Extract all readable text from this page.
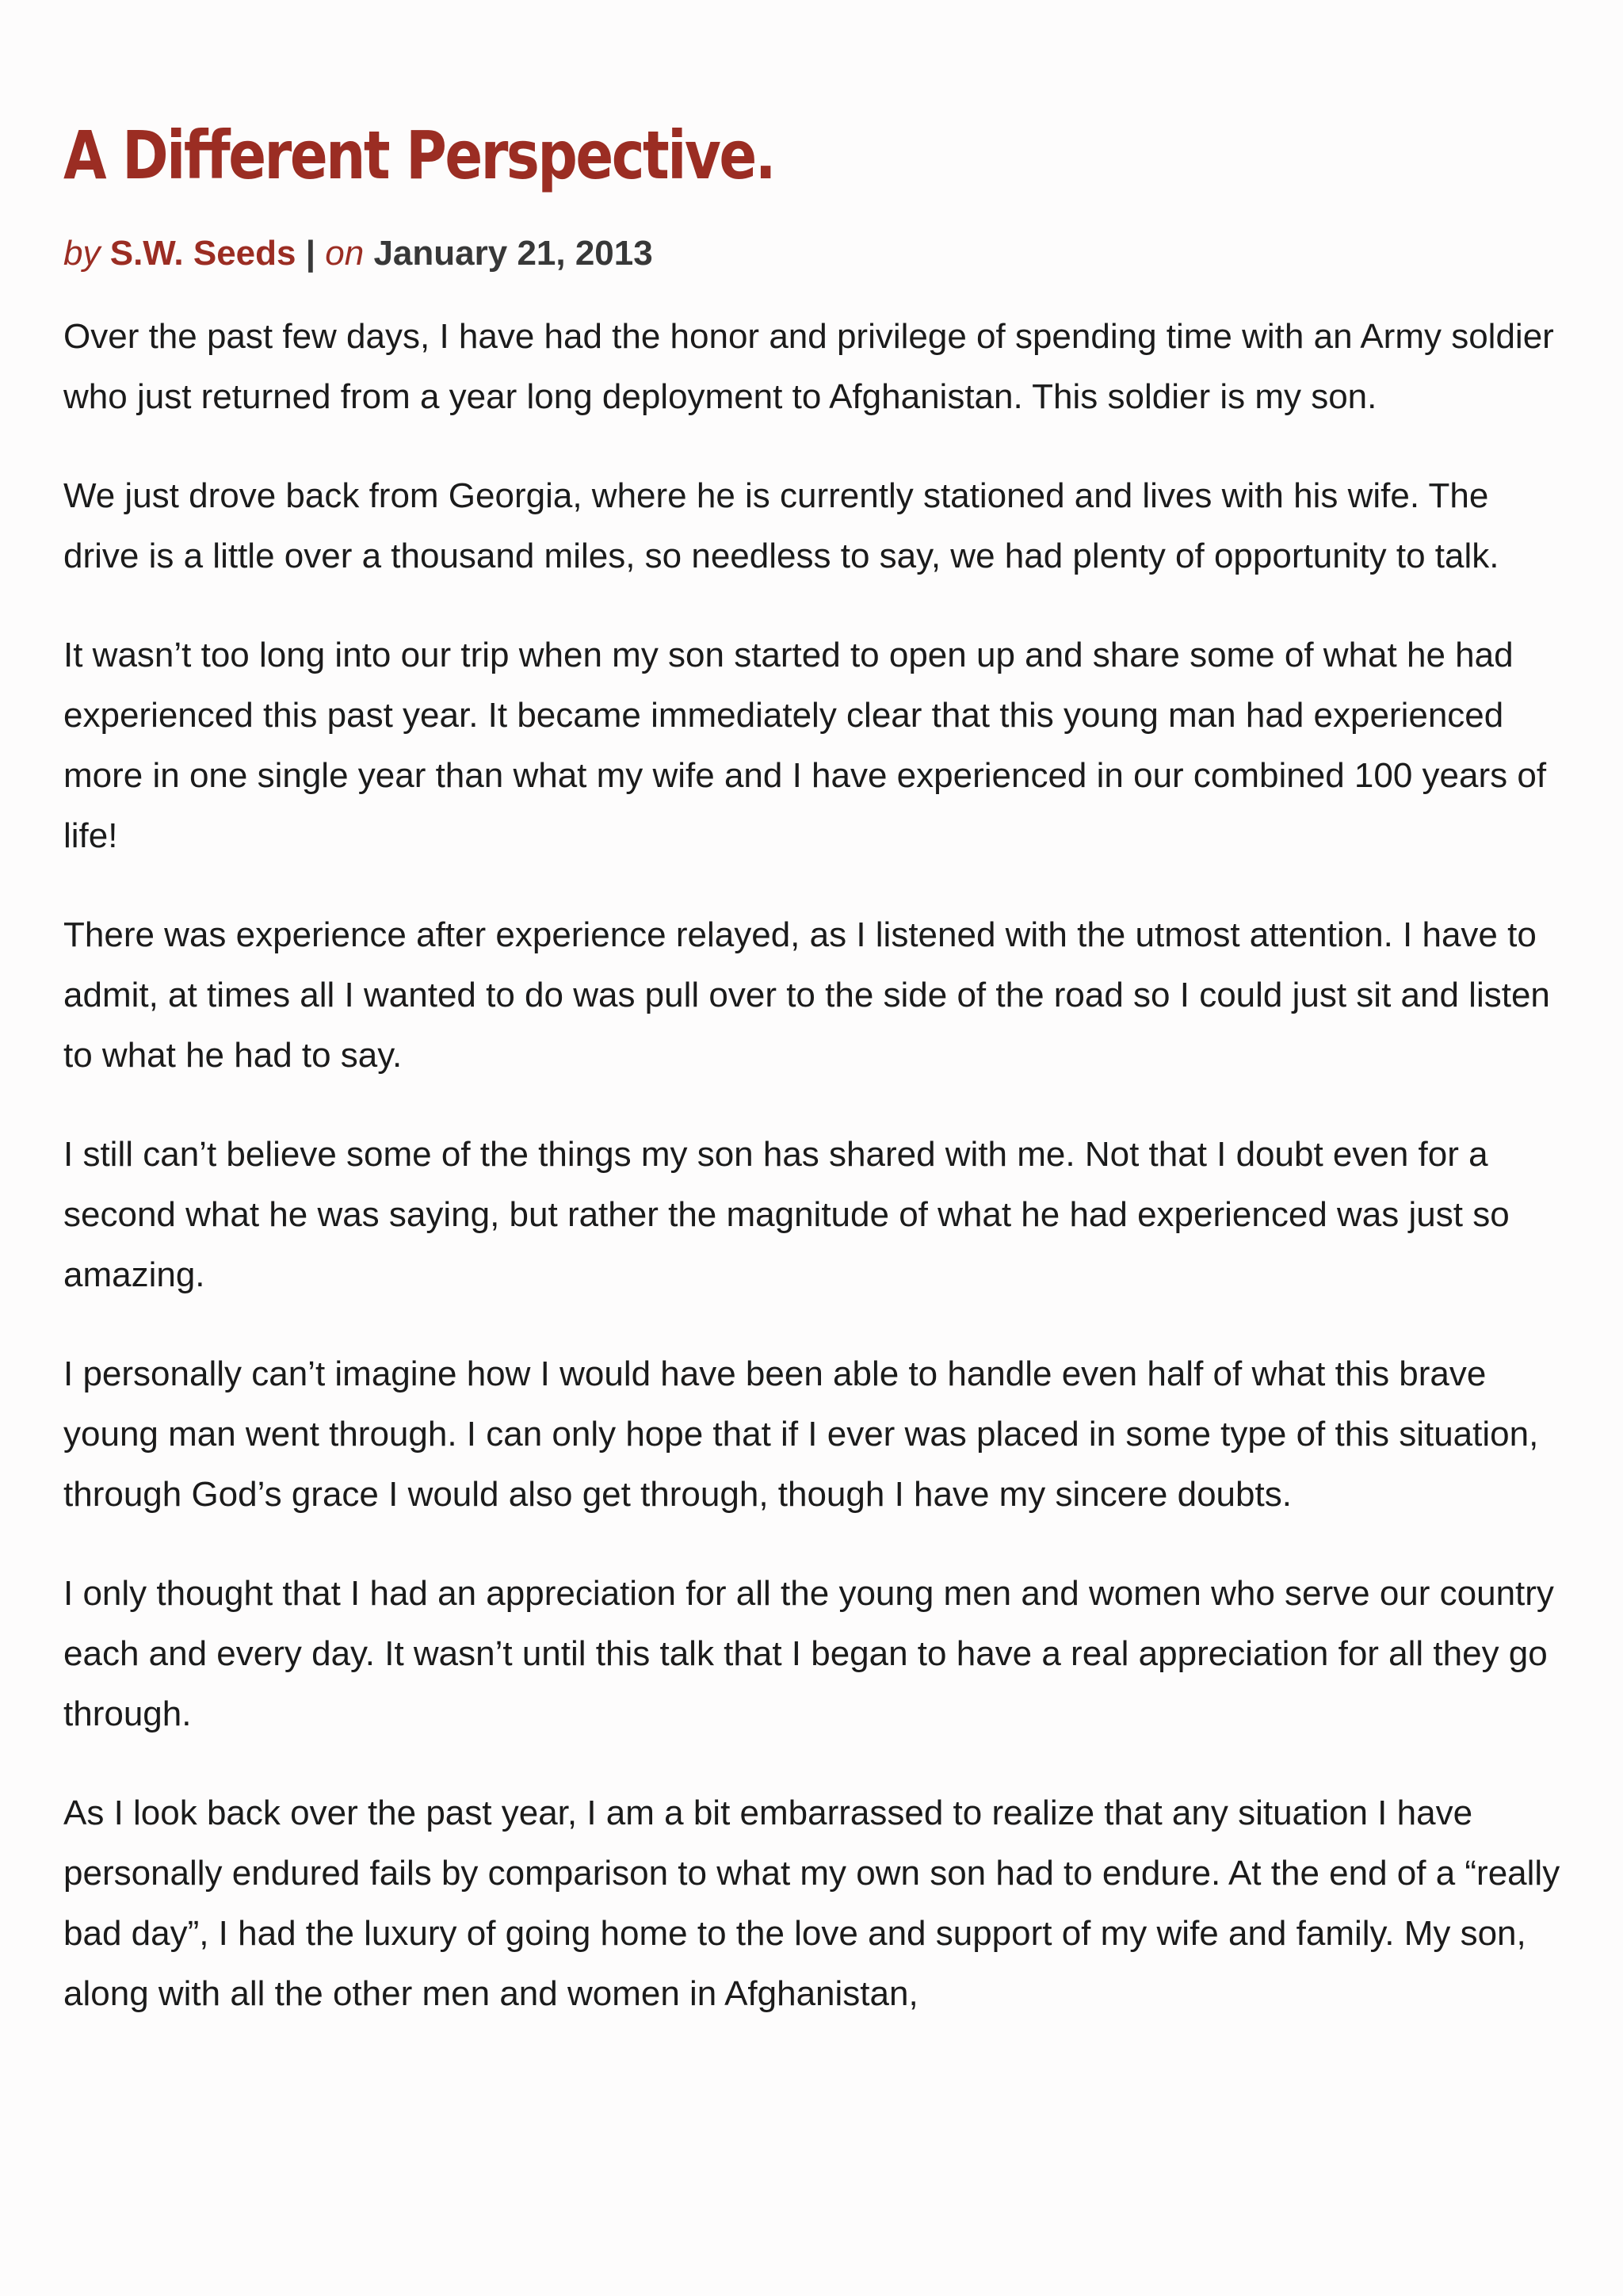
A Different Perspective.
by S.W. Seeds | on January 21, 2013

Over the past few days, I have had the honor and privilege of spending time with an Army soldier who just returned from a year long deployment to Afghanistan. This soldier is my son.

We just drove back from Georgia, where he is currently stationed and lives with his wife. The drive is a little over a thousand miles, so needless to say, we had plenty of opportunity to talk.

It wasn’t too long into our trip when my son started to open up and share some of what he had experienced this past year. It became immediately clear that this young man had experienced more in one single year than what my wife and I have experienced in our combined 100 years of life!

There was experience after experience relayed, as I listened with the utmost attention. I have to admit, at times all I wanted to do was pull over to the side of the road so I could just sit and listen to what he had to say.

I still can’t believe some of the things my son has shared with me. Not that I doubt even for a second what he was saying, but rather the magnitude of what he had experienced was just so amazing.

I personally can’t imagine how I would have been able to handle even half of what this brave young man went through. I can only hope that if I ever was placed in some type of this situation, through God’s grace I would also get through, though I have my sincere doubts.

I only thought that I had an appreciation for all the young men and women who serve our country each and every day. It wasn’t until this talk that I began to have a real appreciation for all they go through.

As I look back over the past year, I am a bit embarrassed to realize that any situation I have personally endured fails by comparison to what my own son had to endure. At the end of a “really bad day”, I had the luxury of going home to the love and support of my wife and family. My son, along with all the other men and women in Afghanistan,
